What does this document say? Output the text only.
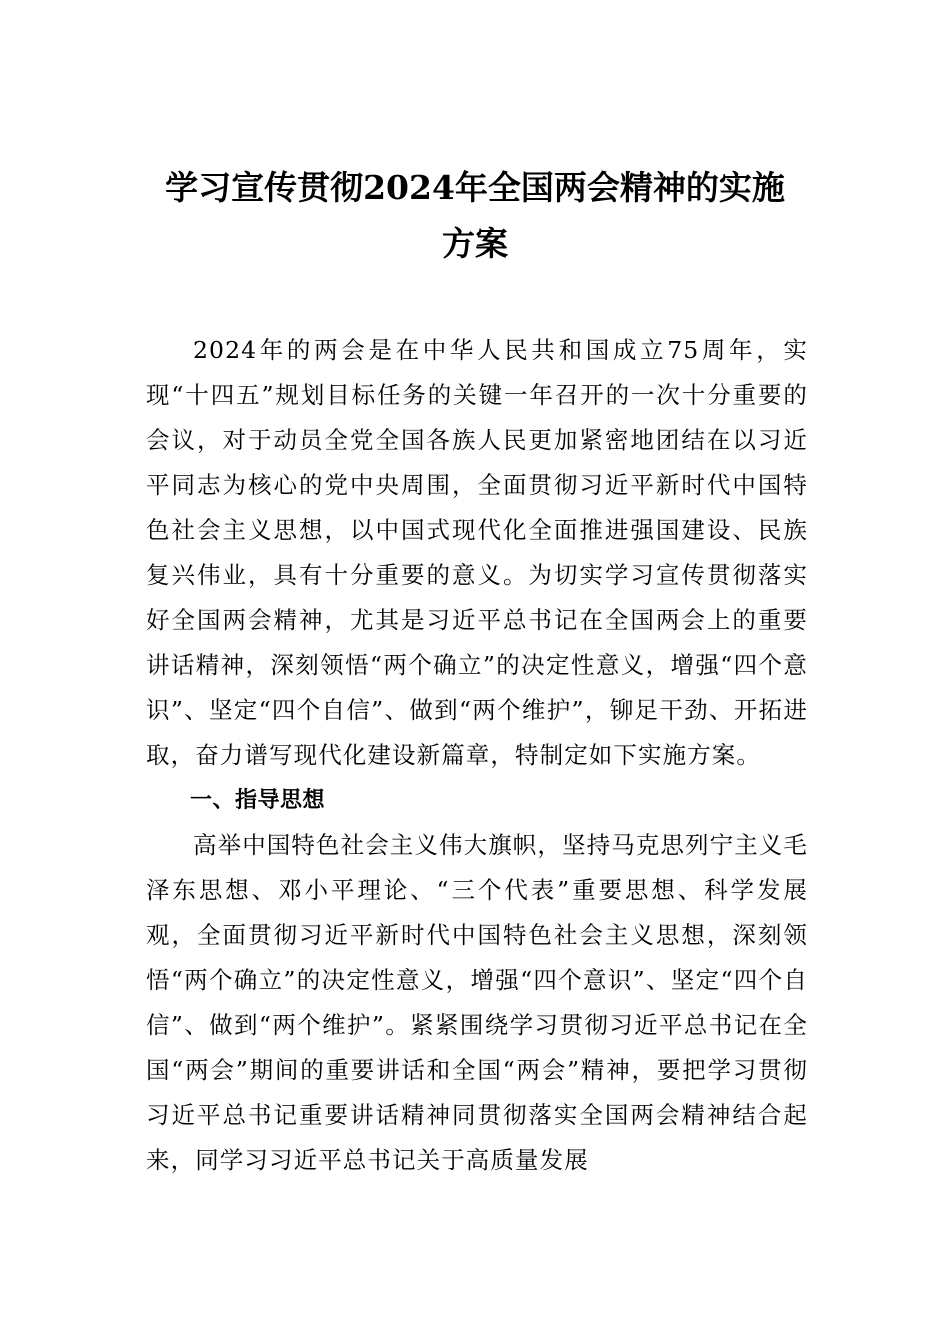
学习宣传贯彻2024年全国两会精神的实施
方案

2024年的两会是在中华人民共和国成立75周年，实现“十四五”规划目标任务的关键一年召开的一次十分重要的会议，对于动员全党全国各族人民更加紧密地团结在以习近平同志为核心的党中央周围，全面贯彻习近平新时代中国特色社会主义思想，以中国式现代化全面推进强国建设、民族复兴伟业，具有十分重要的意义。为切实学习宣传贯彻落实好全国两会精神，尤其是习近平总书记在全国两会上的重要讲话精神，深刻领悟“两个确立”的决定性意义，增强“四个意识”、坚定“四个自信”、做到“两个维护”，铆足干劲、开拓进取，奋力谱写现代化建设新篇章，特制定如下实施方案。

一、指导思想

高举中国特色社会主义伟大旗帜，坚持马克思列宁主义毛泽东思想、邓小平理论、“三个代表”重要思想、科学发展观，全面贯彻习近平新时代中国特色社会主义思想，深刻领悟“两个确立”的决定性意义，增强“四个意识”、坚定“四个自信”、做到“两个维护”。紧紧围绕学习贯彻习近平总书记在全国“两会”期间的重要讲话和全国“两会”精神，要把学习贯彻习近平总书记重要讲话精神同贯彻落实全国两会精神结合起来，同学习习近平总书记关于高质量发展
